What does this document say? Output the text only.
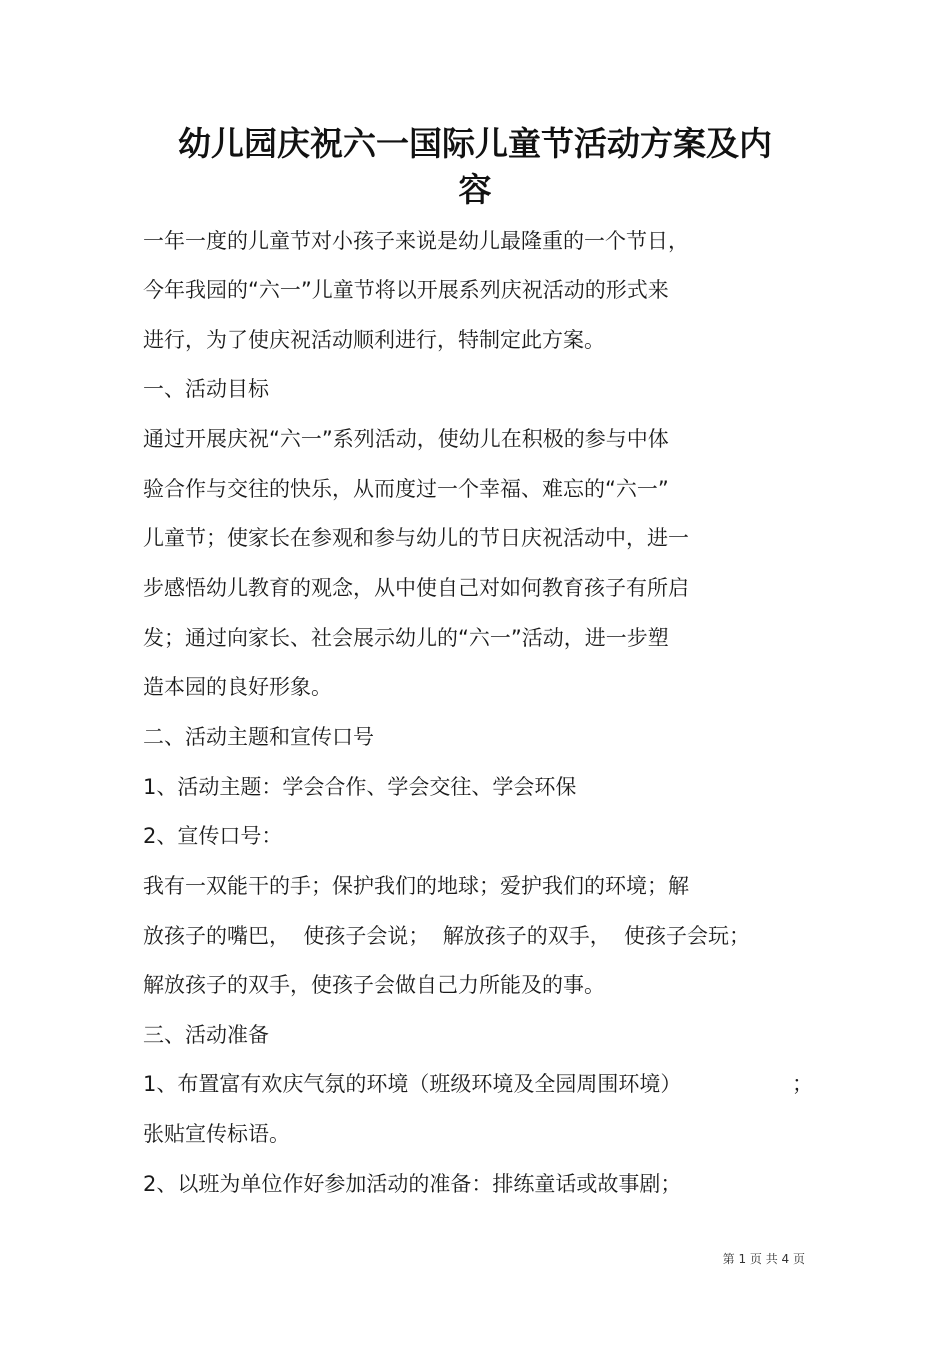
幼儿园庆祝六一国际儿童节活动方案及内
容
一年一度的儿童节对小孩子来说是幼儿最隆重的一个节日，
今年我园的“六一”儿童节将以开展系列庆祝活动的形式来
进行，为了使庆祝活动顺利进行，特制定此方案。
一、活动目标
通过开展庆祝“六一”系列活动，使幼儿在积极的参与中体
验合作与交往的快乐，从而度过一个幸福、难忘的“六一”
儿童节；使家长在参观和参与幼儿的节日庆祝活动中，进一
步感悟幼儿教育的观念，从中使自己对如何教育孩子有所启
发；通过向家长、社会展示幼儿的“六一”活动，进一步塑
造本园的良好形象。
二、活动主题和宣传口号
1、活动主题：学会合作、学会交往、学会环保
2、宣传口号：
我有一双能干的手；保护我们的地球；爱护我们的环境；解
放孩子的嘴巴，  使孩子会说；  解放孩子的双手，  使孩子会玩；
解放孩子的双手，使孩子会做自己力所能及的事。
三、活动准备
1、布置富有欢庆气氛的环境（班级环境及全园周围环境）	；
张贴宣传标语。
2、以班为单位作好参加活动的准备：排练童话或故事剧；
第 1 页 共 4 页
